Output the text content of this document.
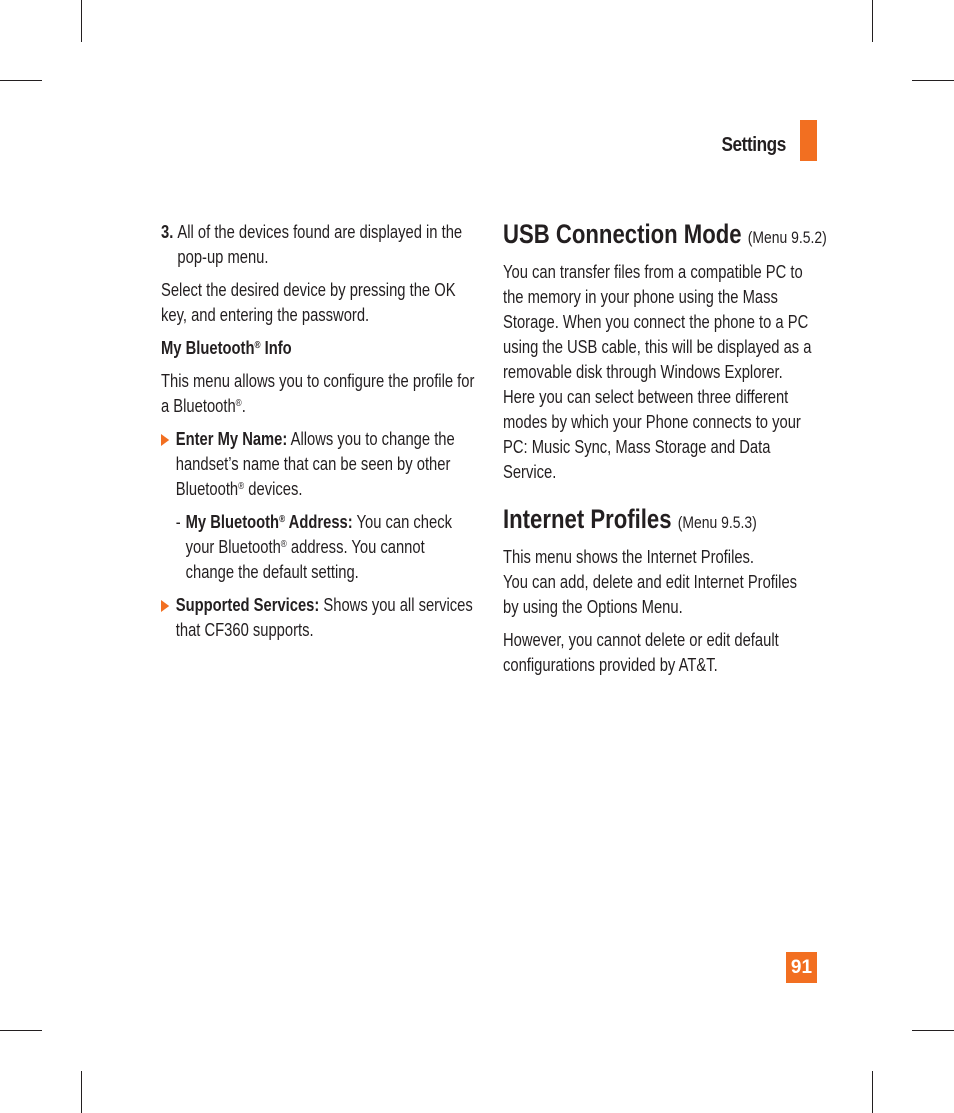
Settings

3. All of the devices found are displayed in the pop-up menu.

Select the desired device by pressing the OK key, and entering the password.

My Bluetooth® Info

This menu allows you to configure the profile for a Bluetooth®.

Enter My Name: Allows you to change the handset’s name that can be seen by other Bluetooth® devices.

- My Bluetooth® Address: You can check your Bluetooth® address. You cannot change the default setting.

Supported Services: Shows you all services that CF360 supports.

USB Connection Mode (Menu 9.5.2)

You can transfer files from a compatible PC to the memory in your phone using the Mass Storage. When you connect the phone to a PC using the USB cable, this will be displayed as a removable disk through Windows Explorer. Here you can select between three different modes by which your Phone connects to your PC: Music Sync, Mass Storage and Data Service.

Internet Profiles (Menu 9.5.3)

This menu shows the Internet Profiles.

You can add, delete and edit Internet Profiles by using the Options Menu.

However, you cannot delete or edit default configurations provided by AT&T.

91
